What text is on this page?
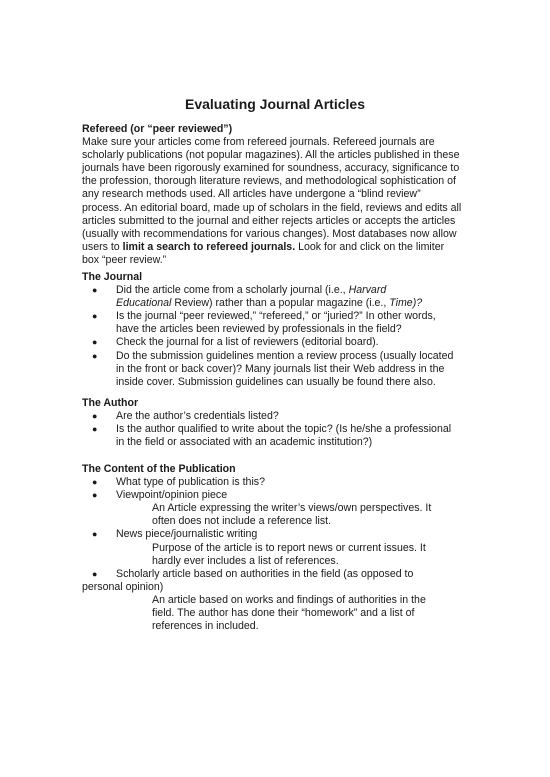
Evaluating Journal Articles
Refereed (or “peer reviewed”)
Make sure your articles come from refereed journals. Refereed journals are
scholarly publications (not popular magazines). All the articles published in these
journals have been rigorously examined for soundness, accuracy, significance to
the profession, thorough literature reviews, and methodological sophistication of
any research methods used. All articles have undergone a “blind review”
process. An editorial board, made up of scholars in the field, reviews and edits all
articles submitted to the journal and either rejects articles or accepts the articles
(usually with recommendations for various changes). Most databases now allow
users to limit a search to refereed journals. Look for and click on the limiter
box “peer review.”
The Journal
● Did the article come from a scholarly journal (i.e., Harvard
Educational Review) rather than a popular magazine (i.e., Time)?
● Is the journal “peer reviewed,” “refereed,” or “juried?” In other words,
have the articles been reviewed by professionals in the field?
● Check the journal for a list of reviewers (editorial board).
● Do the submission guidelines mention a review process (usually located
in the front or back cover)? Many journals list their Web address in the
inside cover. Submission guidelines can usually be found there also.
The Author
● Are the author’s credentials listed?
● Is the author qualified to write about the topic? (Is he/she a professional
in the field or associated with an academic institution?)
The Content of the Publication
● What type of publication is this?
● Viewpoint/opinion piece
An Article expressing the writer’s views/own perspectives. It
often does not include a reference list.
● News piece/journalistic writing
Purpose of the article is to report news or current issues. It
hardly ever includes a list of references.
● Scholarly article based on authorities in the field (as opposed to
personal opinion)
An article based on works and findings of authorities in the
field. The author has done their “homework” and a list of
references in included.
